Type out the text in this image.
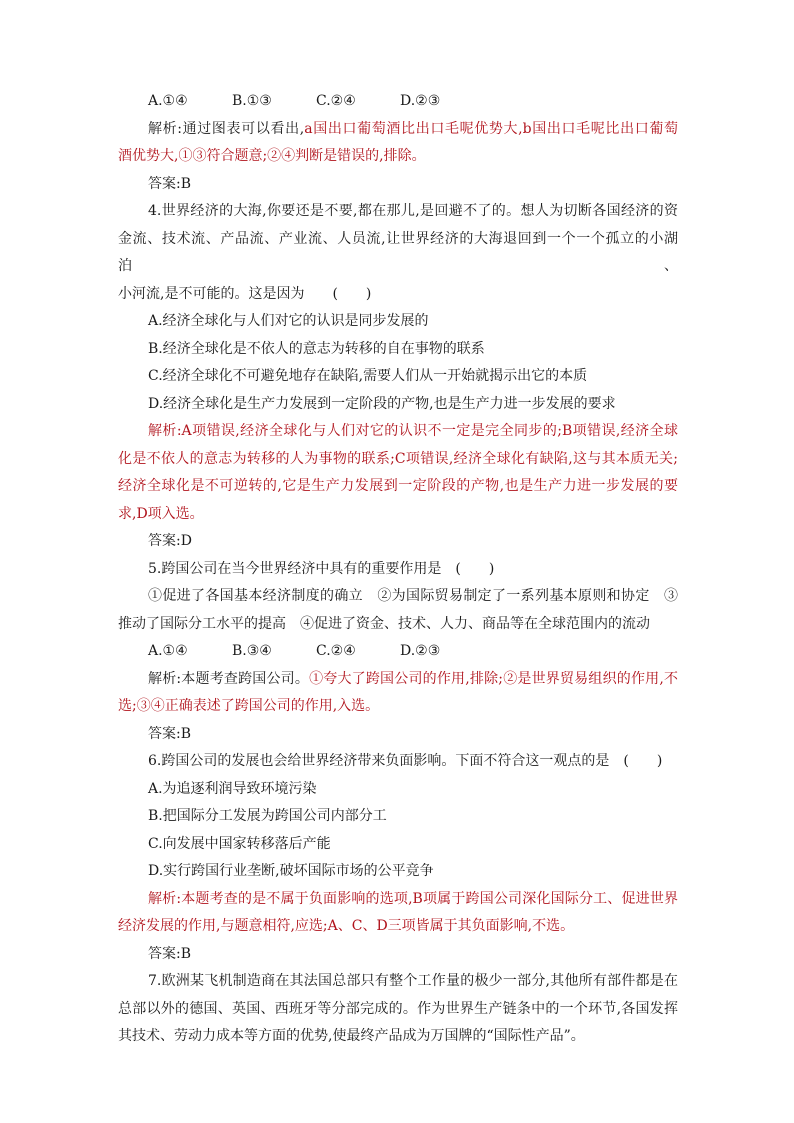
A.①④	B.①③	C.②④	D.②③

解析:通过图表可以看出,a国出口葡萄酒比出口毛呢优势大,b国出口毛呢比出口葡萄

酒优势大,①③符合题意;②④判断是错误的,排除。

答案:B

4.世界经济的大海,你要还是不要,都在那儿,是回避不了的。想人为切断各国经济的资

金流、技术流、产品流、产业流、人员流,让世界经济的大海退回到一个一个孤立的小湖泊、

小河流,是不可能的。这是因为　　(　　)

A.经济全球化与人们对它的认识是同步发展的

B.经济全球化是不依人的意志为转移的自在事物的联系

C.经济全球化不可避免地存在缺陷,需要人们从一开始就揭示出它的本质

D.经济全球化是生产力发展到一定阶段的产物,也是生产力进一步发展的要求

解析:A项错误,经济全球化与人们对它的认识不一定是完全同步的;B项错误,经济全球

化是不依人的意志为转移的人为事物的联系;C项错误,经济全球化有缺陷,这与其本质无关;

经济全球化是不可逆转的,它是生产力发展到一定阶段的产物,也是生产力进一步发展的要

求,D项入选。

答案:D

5.跨国公司在当今世界经济中具有的重要作用是　(　　)

①促进了各国基本经济制度的确立　②为国际贸易制定了一系列基本原则和协定　③

推动了国际分工水平的提高　④促进了资金、技术、人力、商品等在全球范围内的流动

A.①④	B.③④	C.②④	D.②③

解析:本题考查跨国公司。①夸大了跨国公司的作用,排除;②是世界贸易组织的作用,不

选;③④正确表述了跨国公司的作用,入选。

答案:B

6.跨国公司的发展也会给世界经济带来负面影响。下面不符合这一观点的是　(　　)

A.为追逐利润导致环境污染

B.把国际分工发展为跨国公司内部分工

C.向发展中国家转移落后产能

D.实行跨国行业垄断,破坏国际市场的公平竞争

解析:本题考查的是不属于负面影响的选项,B项属于跨国公司深化国际分工、促进世界

经济发展的作用,与题意相符,应选;A、C、D三项皆属于其负面影响,不选。

答案:B

7.欧洲某飞机制造商在其法国总部只有整个工作量的极少一部分,其他所有部件都是在

总部以外的德国、英国、西班牙等分部完成的。作为世界生产链条中的一个环节,各国发挥

其技术、劳动力成本等方面的优势,使最终产品成为万国牌的“国际性产品”。
